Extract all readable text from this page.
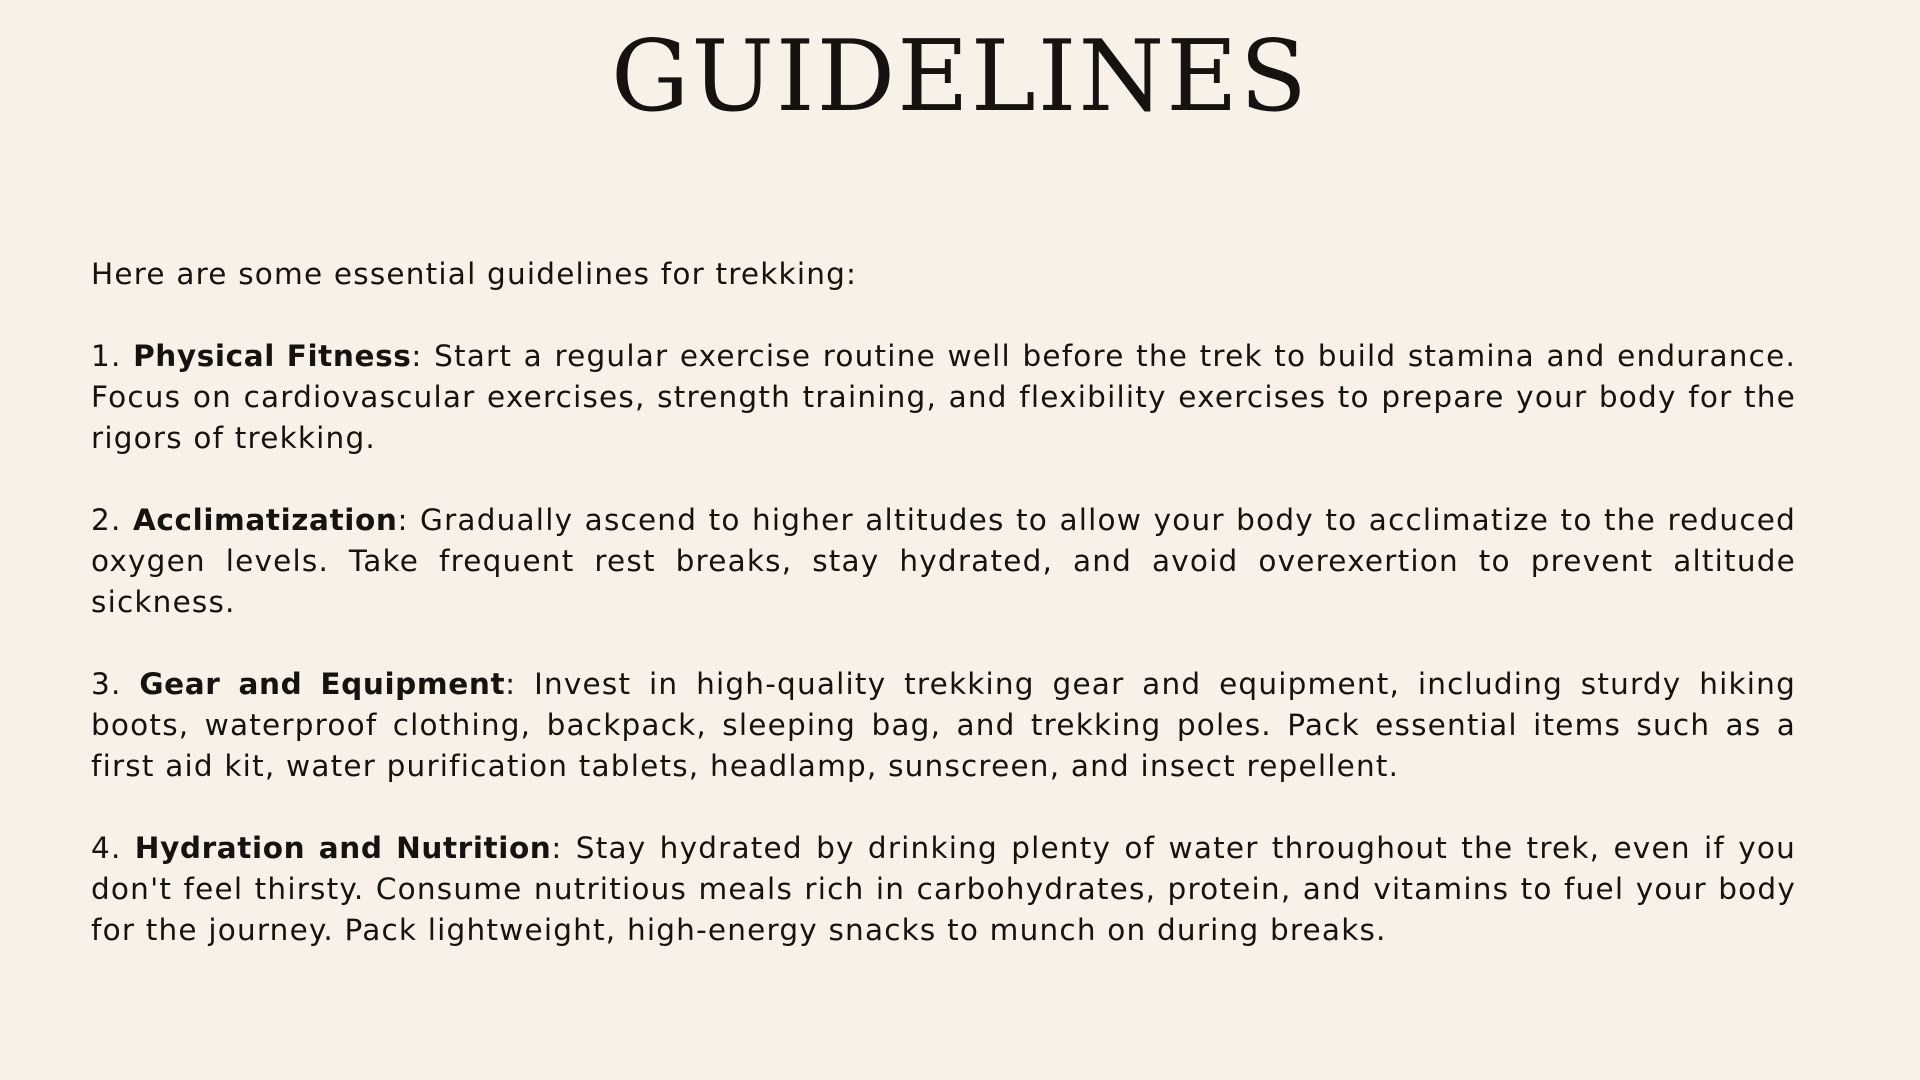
GUIDELINES

Here are some essential guidelines for trekking:

1. Physical Fitness: Start a regular exercise routine well before the trek to build stamina and endurance. Focus on cardiovascular exercises, strength training, and flexibility exercises to prepare your body for the rigors of trekking.

2. Acclimatization: Gradually ascend to higher altitudes to allow your body to acclimatize to the reduced oxygen levels. Take frequent rest breaks, stay hydrated, and avoid overexertion to prevent altitude sickness.

3. Gear and Equipment: Invest in high-quality trekking gear and equipment, including sturdy hiking boots, waterproof clothing, backpack, sleeping bag, and trekking poles. Pack essential items such as a first aid kit, water purification tablets, headlamp, sunscreen, and insect repellent.

4. Hydration and Nutrition: Stay hydrated by drinking plenty of water throughout the trek, even if you don't feel thirsty. Consume nutritious meals rich in carbohydrates, protein, and vitamins to fuel your body for the journey. Pack lightweight, high-energy snacks to munch on during breaks.
